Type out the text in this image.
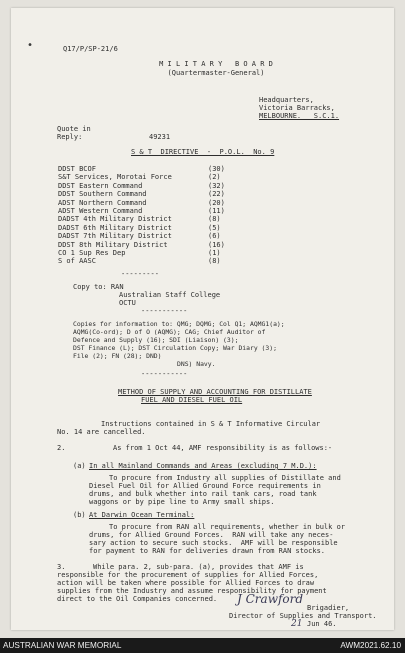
•	Q17/P/SP-21/6
M I L I T A R Y   B O A R D
(Quartermaster-General)
Headquarters,
Victoria Barracks,
MELBOURNE.   S.C.1.
Quote in
Reply:	49231
S & T  DIRECTIVE  -  P.O.L.  No. 9
DDST BCOF	(30)
S&T Services, Morotai Force	(2)
DDST Eastern Command	(32)
DDST Southern Command	(22)
ADST Northern Command	(20)
ADST Western Command	(11)
DADST 4th Military District	(8)
DADST 6th Military District	(5)
DADST 7th Military District	(6)
DDST 8th Military District	(16)
CO 1 Sup Res Dep	(1)
S of AASC	(8)
---------
Copy to: RAN
Australian Staff College
OCTU
-----------
Copies for information to: QMG; DQMG; Col Q1; AQMG1(a);
AQMG(Co-ord); D of O (AQMG); CAG; Chief Auditor of
Defence and Supply (16); SDI (Liaison) (3);
DST Finance (L); DST Circulation Copy; War Diary (3);
File (2); FN (28); DND)
DNS) Navy.
-----------
METHOD OF SUPPLY AND ACCOUNTING FOR DISTILLATE
FUEL AND DIESEL FUEL OIL
Instructions contained in S & T Informative Circular
No. 14 are cancelled.
2.	As from 1 Oct 44, AMF responsibility is as follows:-
(a) In all Mainland Commands and Areas (excluding 7 M.D.):
To procure from Industry all supplies of Distillate and
Diesel Fuel Oil for Allied Ground Force requirements in
drums, and bulk whether into rail tank cars, road tank
waggons or by pipe line to Army small ships.
(b) At Darwin Ocean Terminal:
To procure from RAN all requirements, whether in bulk or
drums, for Allied Ground Forces.  RAN will take any neces-
sary action to secure such stocks.  AMF will be responsible
for payment to RAN for deliveries drawn from RAN stocks.
3.	While para. 2, sub-para. (a), provides that AMF is
responsible for the procurement of supplies for Allied Forces,
action will be taken where possible for Allied Forces to draw
supplies from the Industry and assume responsibility for payment
direct to the Oil Companies concerned. J Crawford
Brigadier,
Director of Supplies and Transport.
21 Jun 46.
AUSTRALIAN WAR MEMORIAL	AWM2021.62.10
